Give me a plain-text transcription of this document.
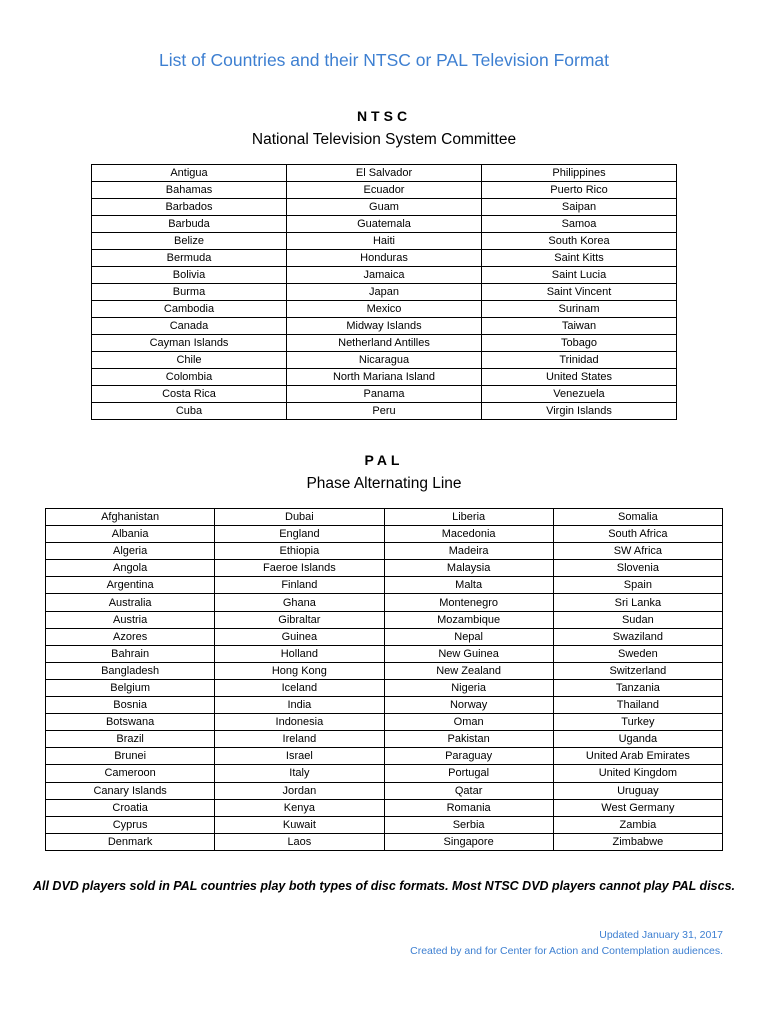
List of Countries and their NTSC or PAL Television Format
NTSC
National Television System Committee
Antigua	El Salvador	Philippines
Bahamas	Ecuador	Puerto Rico
Barbados	Guam	Saipan
Barbuda	Guatemala	Samoa
Belize	Haiti	South Korea
Bermuda	Honduras	Saint Kitts
Bolivia	Jamaica	Saint Lucia
Burma	Japan	Saint Vincent
Cambodia	Mexico	Surinam
Canada	Midway Islands	Taiwan
Cayman Islands	Netherland Antilles	Tobago
Chile	Nicaragua	Trinidad
Colombia	North Mariana Island	United States
Costa Rica	Panama	Venezuela
Cuba	Peru	Virgin Islands
PAL
Phase Alternating Line
Afghanistan	Dubai	Liberia	Somalia
Albania	England	Macedonia	South Africa
Algeria	Ethiopia	Madeira	SW Africa
Angola	Faeroe Islands	Malaysia	Slovenia
Argentina	Finland	Malta	Spain
Australia	Ghana	Montenegro	Sri Lanka
Austria	Gibraltar	Mozambique	Sudan
Azores	Guinea	Nepal	Swaziland
Bahrain	Holland	New Guinea	Sweden
Bangladesh	Hong Kong	New Zealand	Switzerland
Belgium	Iceland	Nigeria	Tanzania
Bosnia	India	Norway	Thailand
Botswana	Indonesia	Oman	Turkey
Brazil	Ireland	Pakistan	Uganda
Brunei	Israel	Paraguay	United Arab Emirates
Cameroon	Italy	Portugal	United Kingdom
Canary Islands	Jordan	Qatar	Uruguay
Croatia	Kenya	Romania	West Germany
Cyprus	Kuwait	Serbia	Zambia
Denmark	Laos	Singapore	Zimbabwe
All DVD players sold in PAL countries play both types of disc formats. Most NTSC DVD players cannot play PAL discs.
Updated January 31, 2017
Created by and for Center for Action and Contemplation audiences.
